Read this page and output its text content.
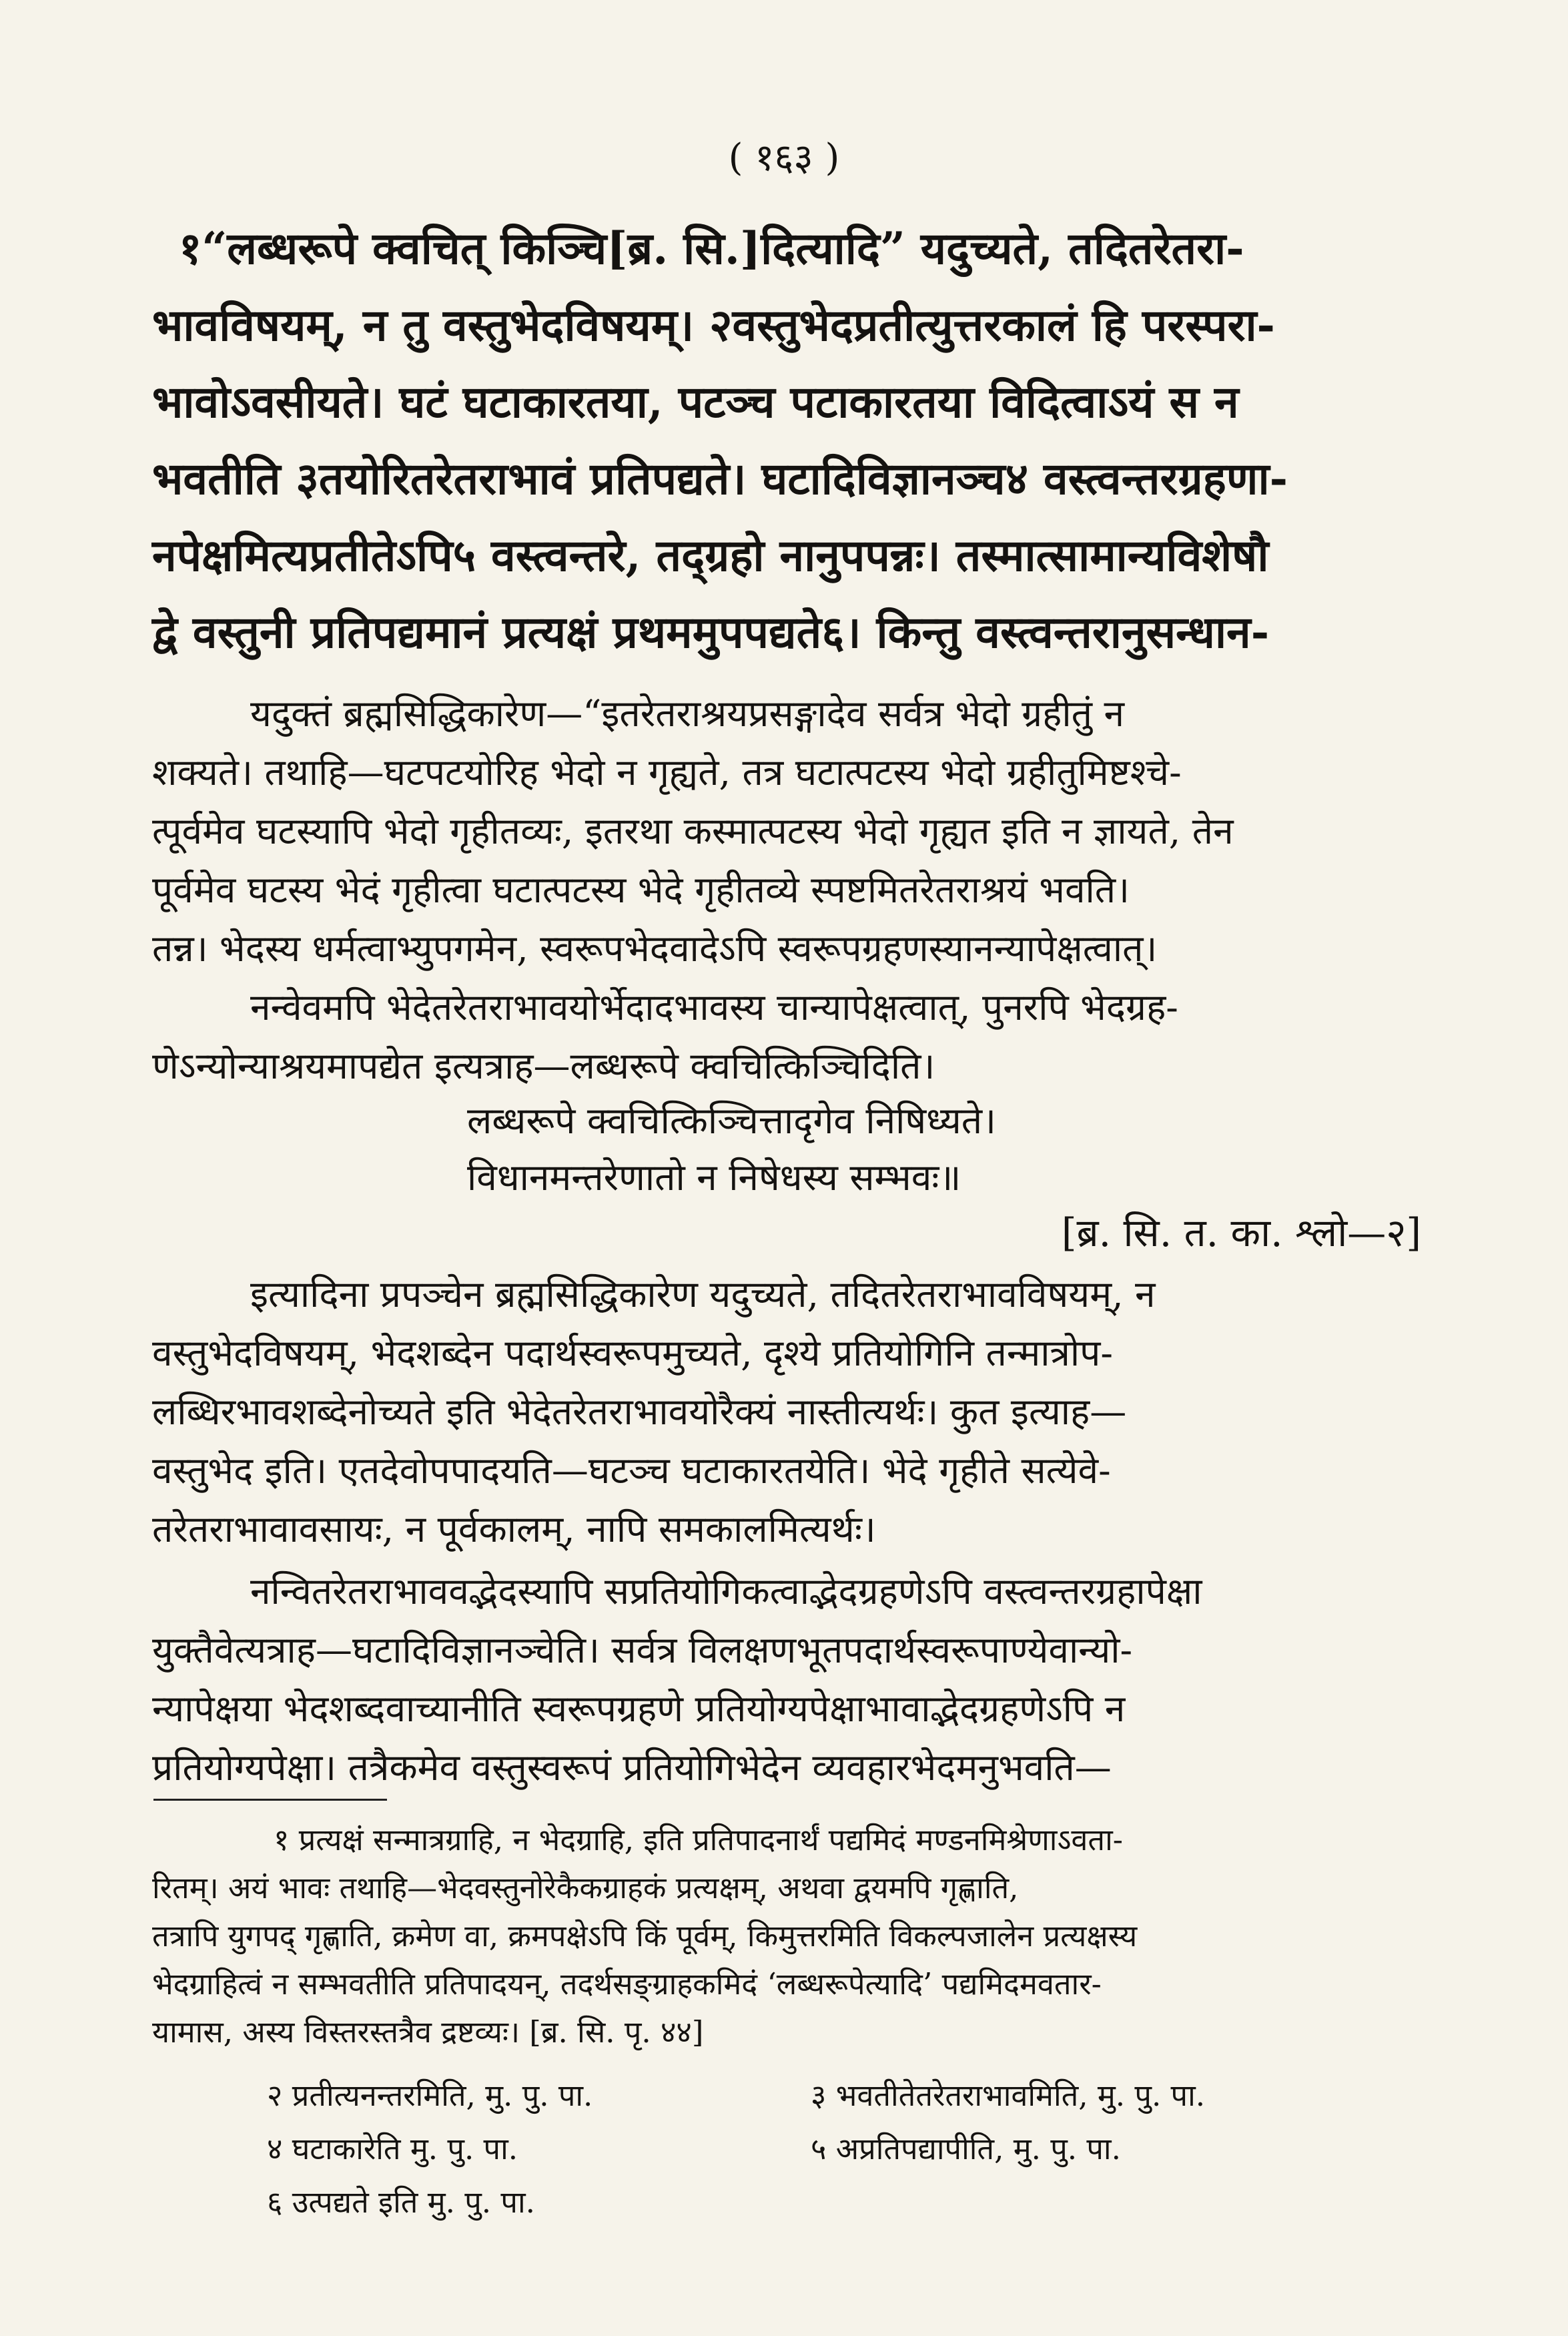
( १६३ )
१“लब्धरूपे क्वचित् किञ्चि[ब्र. सि.]दित्यादि” यदुच्यते, तदितरेतरा-
भावविषयम्, न तु वस्तुभेदविषयम्। २वस्तुभेदप्रतीत्युत्तरकालं हि परस्परा-
भावोऽवसीयते। घटं घटाकारतया, पटञ्च पटाकारतया विदित्वाऽयं स न
भवतीति ३तयोरितरेतराभावं प्रतिपद्यते। घटादिविज्ञानञ्च४ वस्त्वन्तरग्रहणा-
नपेक्षमित्यप्रतीतेऽपि५ वस्त्वन्तरे, तद्ग्रहो नानुपपन्नः। तस्मात्सामान्यविशेषौ
द्वे वस्तुनी प्रतिपद्यमानं प्रत्यक्षं प्रथममुपपद्यते६। किन्तु वस्त्वन्तरानुसन्धान-
यदुक्तं ब्रह्मसिद्धिकारेण—“इतरेतराश्रयप्रसङ्गादेव सर्वत्र भेदो ग्रहीतुं न
शक्यते। तथाहि—घटपटयोरिह भेदो न गृह्यते, तत्र घटात्पटस्य भेदो ग्रहीतुमिष्टश्चे-
त्पूर्वमेव घटस्यापि भेदो गृहीतव्यः, इतरथा कस्मात्पटस्य भेदो गृह्यत इति न ज्ञायते, तेन
पूर्वमेव घटस्य भेदं गृहीत्वा घटात्पटस्य भेदे गृहीतव्ये स्पष्टमितरेतराश्रयं भवति।
तन्न। भेदस्य धर्मत्वाभ्युपगमेन, स्वरूपभेदवादेऽपि स्वरूपग्रहणस्यानन्यापेक्षत्वात्।
नन्वेवमपि भेदेतरेतराभावयोर्भेदादभावस्य चान्यापेक्षत्वात्, पुनरपि भेदग्रह-
णेऽन्योन्याश्रयमापद्येत इत्यत्राह—लब्धरूपे क्वचित्किञ्चिदिति।
लब्धरूपे क्वचित्किञ्चित्तादृगेव निषिध्यते।
विधानमन्तरेणातो न निषेधस्य सम्भवः॥
[ब्र. सि. त. का. श्लो—२]
इत्यादिना प्रपञ्चेन ब्रह्मसिद्धिकारेण यदुच्यते, तदितरेतराभावविषयम्, न
वस्तुभेदविषयम्, भेदशब्देन पदार्थस्वरूपमुच्यते, दृश्ये प्रतियोगिनि तन्मात्रोप-
लब्धिरभावशब्देनोच्यते इति भेदेतरेतराभावयोरैक्यं नास्तीत्यर्थः। कुत इत्याह—
वस्तुभेद इति। एतदेवोपपादयति—घटञ्च घटाकारतयेति। भेदे गृहीते सत्येवे-
तरेतराभावावसायः, न पूर्वकालम्, नापि समकालमित्यर्थः।
नन्वितरेतराभाववद्भेदस्यापि सप्रतियोगिकत्वाद्भेदग्रहणेऽपि वस्त्वन्तरग्रहापेक्षा
युक्तैवेत्यत्राह—घटादिविज्ञानञ्चेति। सर्वत्र विलक्षणभूतपदार्थस्वरूपाण्येवान्यो-
न्यापेक्षया भेदशब्दवाच्यानीति स्वरूपग्रहणे प्रतियोग्यपेक्षाभावाद्भेदग्रहणेऽपि न
प्रतियोग्यपेक्षा। तत्रैकमेव वस्तुस्वरूपं प्रतियोगिभेदेन व्यवहारभेदमनुभवति—
१ प्रत्यक्षं सन्मात्रग्राहि, न भेदग्राहि, इति प्रतिपादनार्थं पद्यमिदं मण्डनमिश्रेणाऽवता-
रितम्। अयं भावः तथाहि—भेदवस्तुनोरेकैकग्राहकं प्रत्यक्षम्, अथवा द्वयमपि गृह्णाति,
तत्रापि युगपद् गृह्णाति, क्रमेण वा, क्रमपक्षेऽपि किं पूर्वम्, किमुत्तरमिति विकल्पजालेन प्रत्यक्षस्य
भेदग्राहित्वं न सम्भवतीति प्रतिपादयन्, तदर्थसङ्ग्राहकमिदं ‘लब्धरूपेत्यादि’ पद्यमिदमवतार-
यामास, अस्य विस्तरस्तत्रैव द्रष्टव्यः। [ब्र. सि. पृ. ४४]
२ प्रतीत्यनन्तरमिति, मु. पु. पा.	३ भवतीतेतरेतराभावमिति, मु. पु. पा.
४ घटाकारेति मु. पु. पा.	५ अप्रतिपद्यापीति, मु. पु. पा.
६ उत्पद्यते इति मु. पु. पा.
